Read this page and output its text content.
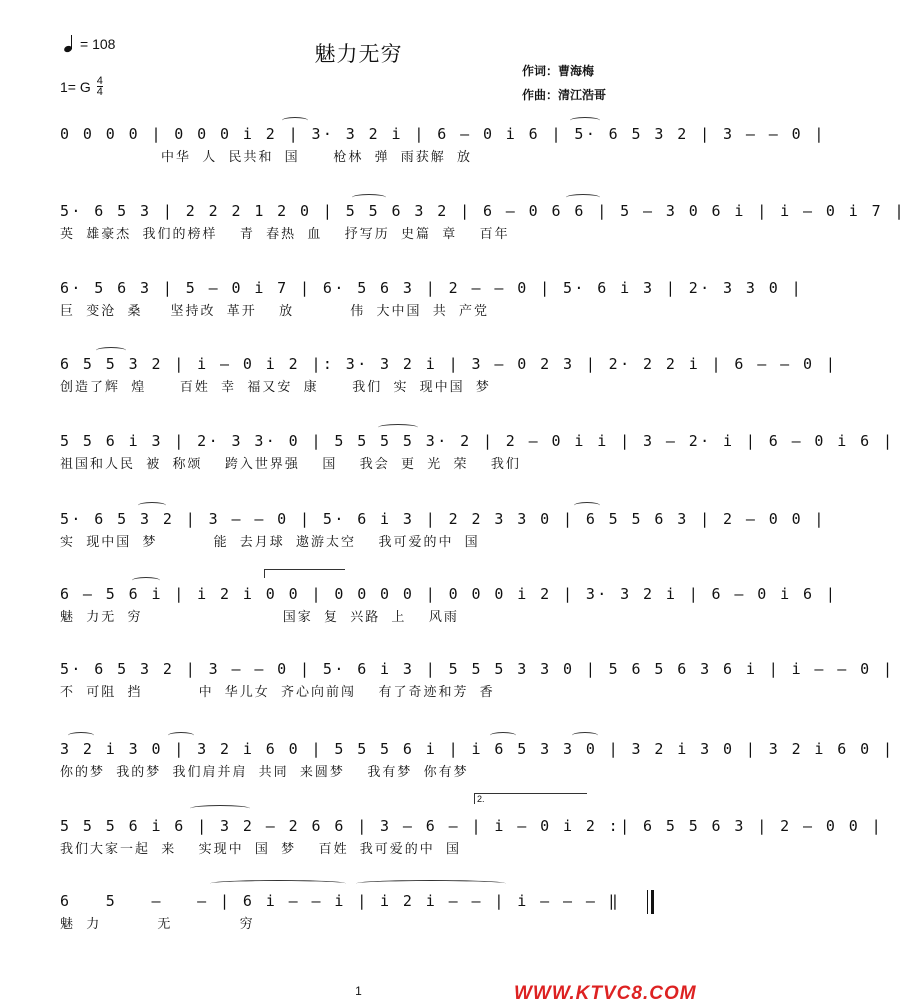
魅力无穷
= 108
1= G 4
4
作词：曹海梅
作曲：清江浩哥
0 0 0 0 | 0 0 0 i 2 | 3· 3 2 i | 6 – 0 i 6 | 5· 6 5 3 2 | 3 – – 0 |
中华  人  民共和  国      枪林  弹  雨获解  放
5· 6 5 3 | 2 2 2 1 2 0 | 5 5 6 3 2 | 6 – 0 6 6 | 5 – 3 0 6 i | i – 0 i 7 |
英  雄豪杰  我们的榜样    青  春热  血    抒写历  史篇  章    百年
6· 5 6 3 | 5 – 0 i 7 | 6· 5 6 3 | 2 – – 0 | 5· 6 i 3 | 2· 3 3 0 |
巨  变沧  桑     坚持改  革开    放          伟  大中国  共  产党
6 5 5 3 2 | i – 0 i 2 |: 3· 3 2 i | 3 – 0 2 3 | 2· 2 2 i | 6 – – 0 |
创造了辉  煌      百姓  幸  福又安  康      我们  实  现中国  梦
5 5 6 i 3 | 2· 3 3· 0 | 5 5 5 5 3· 2 | 2 – 0 i i | 3 – 2· i | 6 – 0 i 6 |
祖国和人民  被  称颂    跨入世界强    国    我会  更  光  荣    我们
5· 6 5 3 2 | 3 – – 0 | 5· 6 i 3 | 2 2 3 3 0 | 6 5 5 6 3 | 2 – 0 0 |
实  现中国  梦          能  去月球  遨游太空    我可爱的中  国
6 – 5 6 i | i 2 i 0 0 | 0 0 0 0 | 0 0 0 i 2 | 3· 3 2 i | 6 – 0 i 6 |
魅  力无  穷                         国家  复  兴路  上    风雨
5· 6 5 3 2 | 3 – – 0 | 5· 6 i 3 | 5 5 5 3 3 0 | 5 6 5 6 3 6 i | i – – 0 |
不  可阻  挡          中  华儿女  齐心向前闯    有了奇迹和芳  香
3 2 i 3 0 | 3 2 i 6 0 | 5 5 5 6 i | i 6 5 3 3 0 | 3 2 i 3 0 | 3 2 i 6 0 |
你的梦  我的梦  我们肩并肩  共同  来圆梦    我有梦  你有梦
5 5 5 6 i 6 | 3 2 – 2 6 6 | 3 – 6 – | i – 0 i 2 :| 6 5 5 6 3 | 2 – 0 0 |
我们大家一起  来    实现中  国  梦    百姓  我可爱的中  国
2.
6   5   –   – | 6 i – – i | i 2 i – – | i – – – ‖
魅  力          无            穷
1	WWW.KTVC8.COM
